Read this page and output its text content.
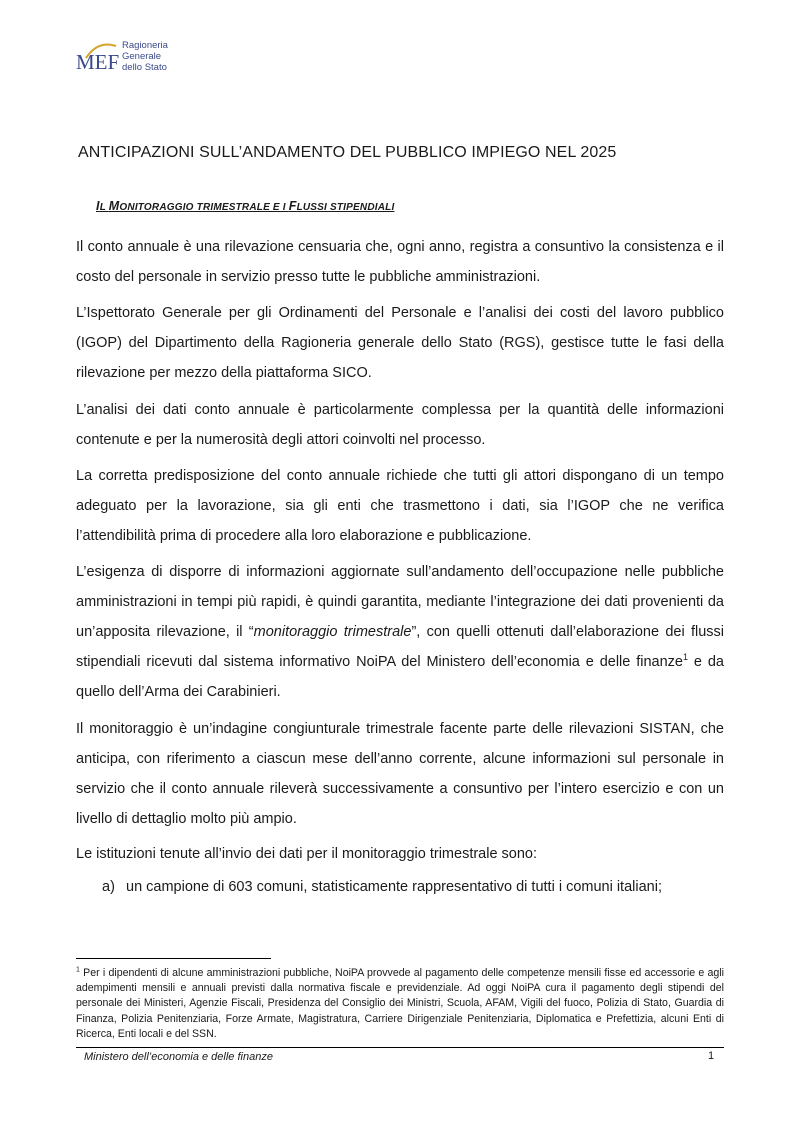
MEF
Ragioneria
Generale
dello Stato
ANTICIPAZIONI SULL’ANDAMENTO DEL PUBBLICO IMPIEGO NEL 2025
IL MONITORAGGIO TRIMESTRALE E I FLUSSI STIPENDIALI

Il conto annuale è una rilevazione censuaria che, ogni anno, registra a consuntivo la consistenza e il costo del personale in servizio presso tutte le pubbliche amministrazioni.

L’Ispettorato Generale per gli Ordinamenti del Personale e l’analisi dei costi del lavoro pubblico (IGOP) del Dipartimento della Ragioneria generale dello Stato (RGS), gestisce tutte le fasi della rilevazione per mezzo della piattaforma SICO.

L’analisi dei dati conto annuale è particolarmente complessa per la quantità delle informazioni contenute e per la numerosità degli attori coinvolti nel processo.

La corretta predisposizione del conto annuale richiede che tutti gli attori dispongano di un tempo adeguato per la lavorazione, sia gli enti che trasmettono i dati, sia l’IGOP che ne verifica l’attendibilità prima di procedere alla loro elaborazione e pubblicazione.

L’esigenza di disporre di informazioni aggiornate sull’andamento dell’occupazione nelle pubbliche amministrazioni in tempi più rapidi, è quindi garantita, mediante l’integrazione dei dati provenienti da un’apposita rilevazione, il “monitoraggio trimestrale”, con quelli ottenuti dall’elaborazione dei flussi stipendiali ricevuti dal sistema informativo NoiPA del Ministero dell’economia e delle finanze$^1$ e da quello dell’Arma dei Carabinieri.

Il monitoraggio è un’indagine congiunturale trimestrale facente parte delle rilevazioni SISTAN, che anticipa, con riferimento a ciascun mese dell’anno corrente, alcune informazioni sul personale in servizio che il conto annuale rileverà successivamente a consuntivo per l’intero esercizio e con un livello di dettaglio molto più ampio.

Le istituzioni tenute all’invio dei dati per il monitoraggio trimestrale sono:

a) un campione di 603 comuni, statisticamente rappresentativo di tutti i comuni italiani;

$^1$ Per i dipendenti di alcune amministrazioni pubbliche, NoiPA provvede al pagamento delle competenze mensili fisse ed accessorie e agli adempimenti mensili e annuali previsti dalla normativa fiscale e previdenziale. Ad oggi NoiPA cura il pagamento degli stipendi del personale dei Ministeri, Agenzie Fiscali, Presidenza del Consiglio dei Ministri, Scuola, AFAM, Vigili del fuoco, Polizia di Stato, Guardia di Finanza, Polizia Penitenziaria, Forze Armate, Magistratura, Carriere Dirigenziale Penitenziaria, Diplomatica e Prefettizia, alcuni Enti di Ricerca, Enti locali e del SSN.

Ministero dell’economia e delle finanze	1
